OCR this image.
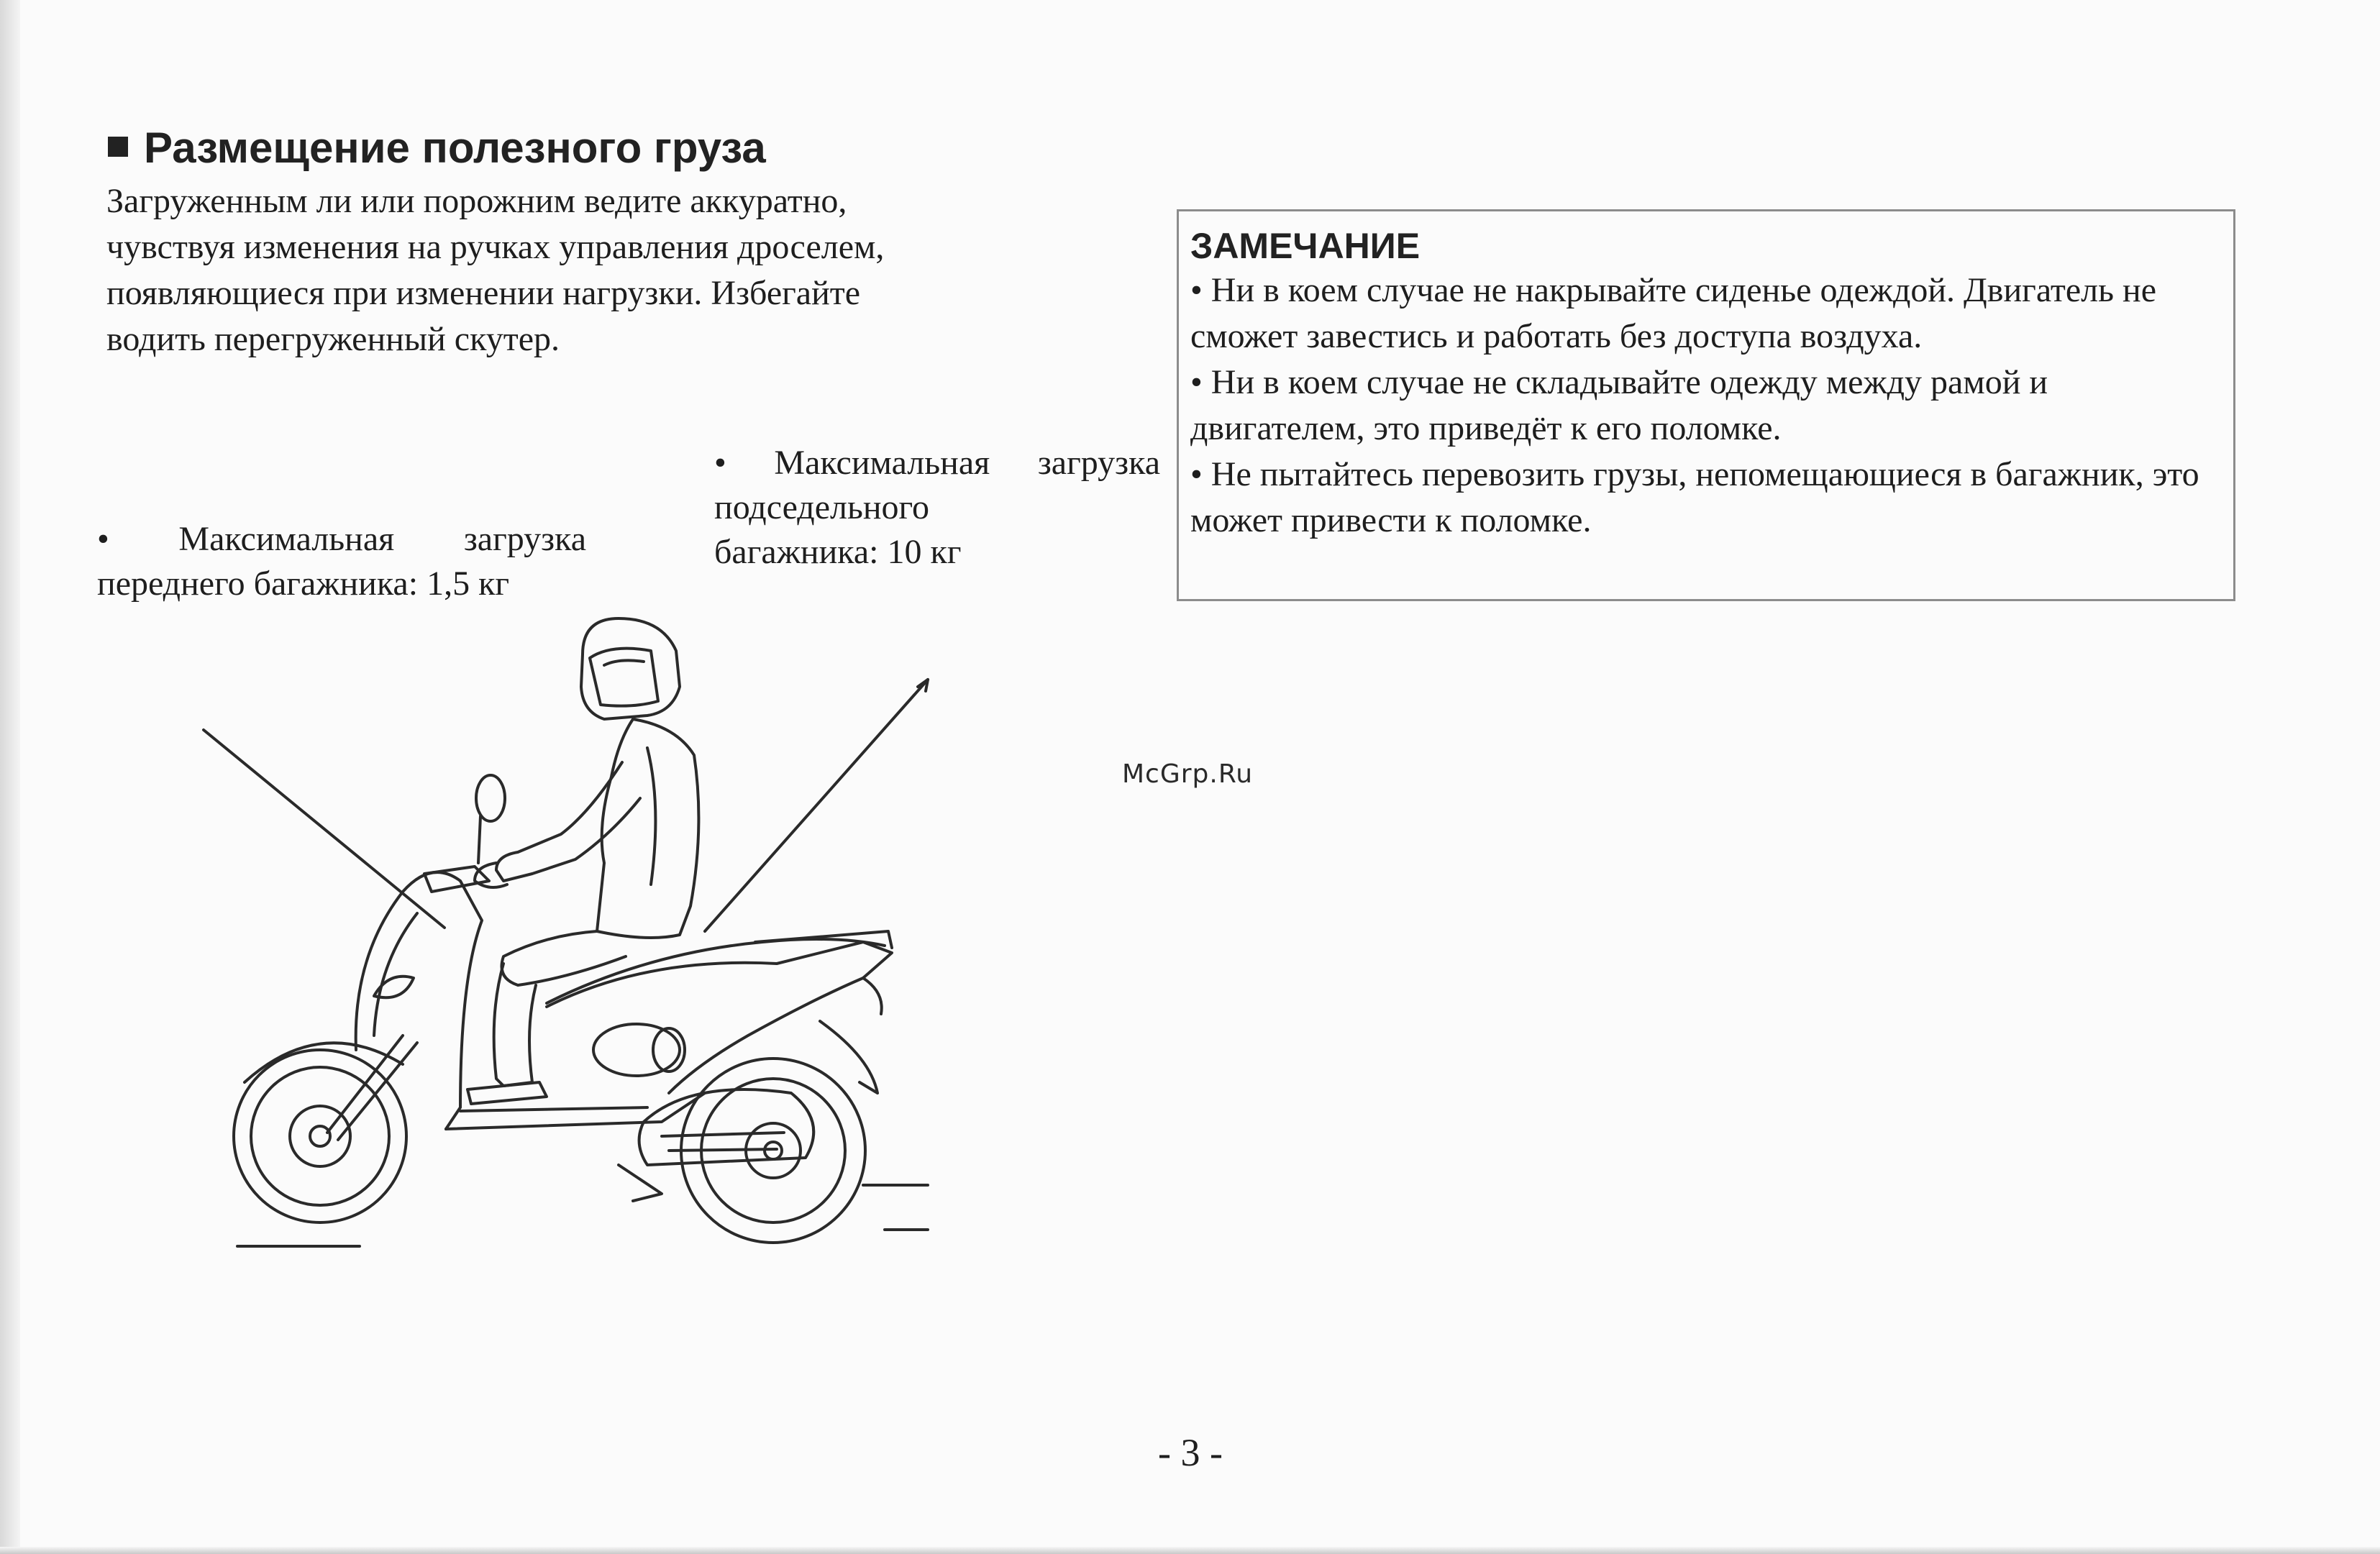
Размещение полезного груза
Загруженным ли или порожним ведите аккуратно,
чувствуя изменения на ручках управления дроселем,
появляющиеся при изменении нагрузки. Избегайте
водить перегруженный скутер.
• Максимальная загрузка
подседельного
багажника: 10 кг
• Максимальная загрузка
переднего багажника: 1,5 кг
ЗАМЕЧАНИЕ
• Ни в коем случае не накрывайте сиденье одеждой. Двигатель не сможет завестись и работать без доступа воздуха.
• Ни в коем случае не складывайте одежду между рамой и двигателем, это приведёт к его поломке.
• Не пытайтесь перевозить грузы, непомещающиеся в багажник, это может привести к поломке.
McGrp.Ru
- 3 -
